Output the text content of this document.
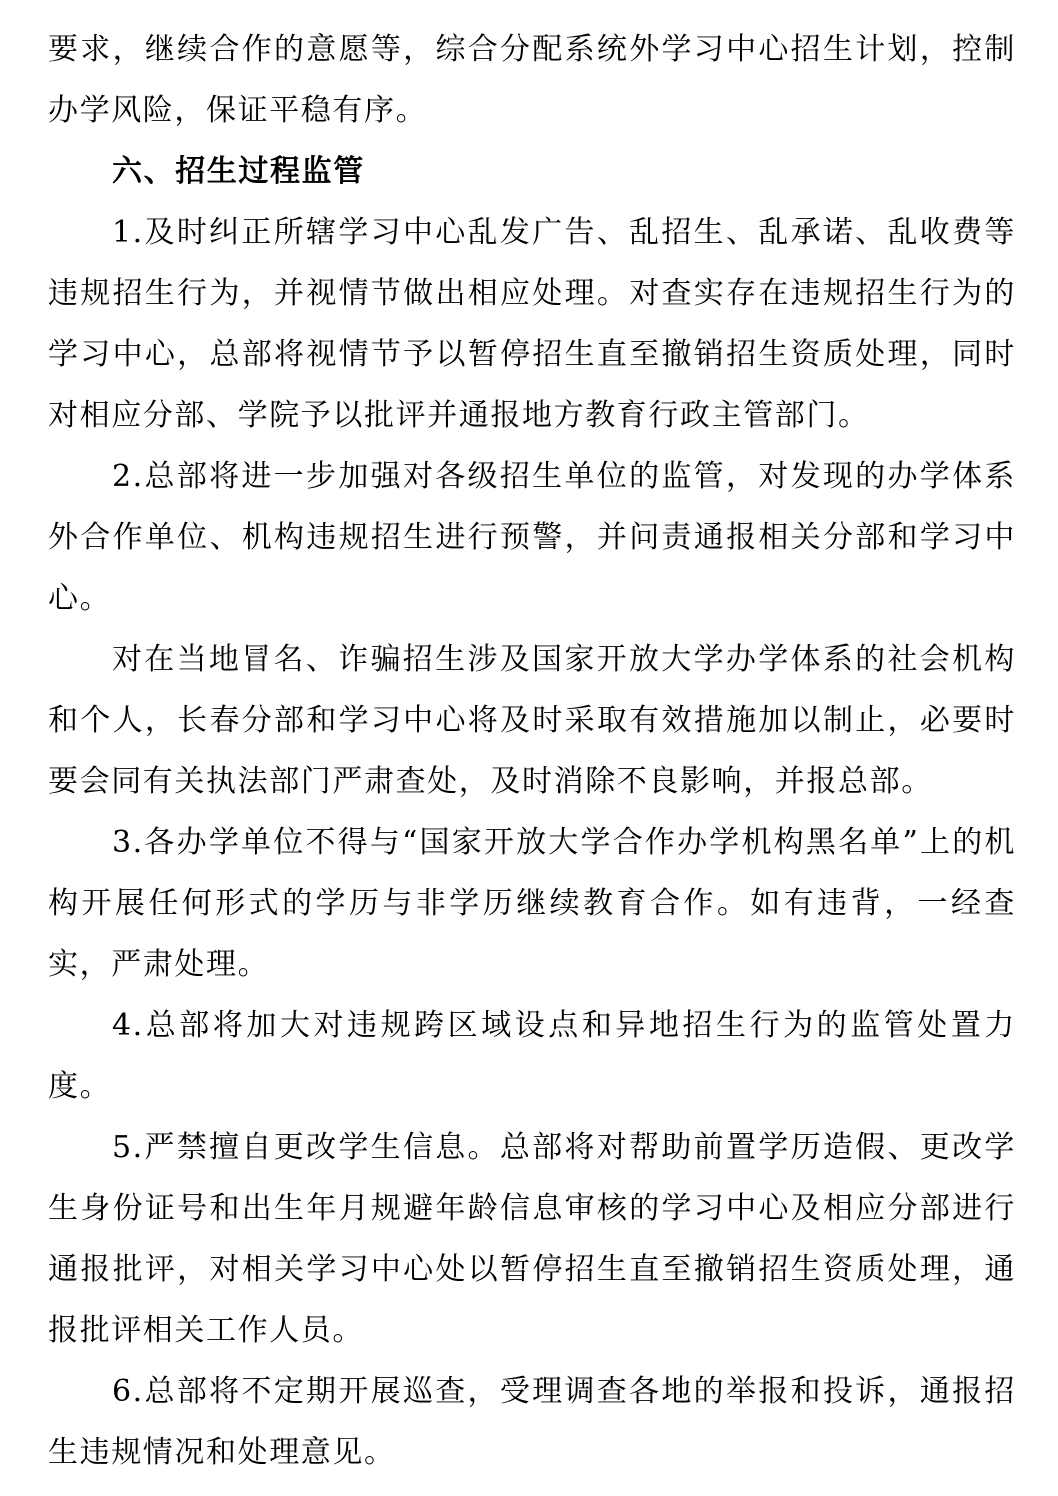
要求，继续合作的意愿等，综合分配系统外学习中心招生计划，控制办学风险，保证平稳有序。

六、招生过程监管

1.及时纠正所辖学习中心乱发广告、乱招生、乱承诺、乱收费等违规招生行为，并视情节做出相应处理。对查实存在违规招生行为的学习中心，总部将视情节予以暂停招生直至撤销招生资质处理，同时对相应分部、学院予以批评并通报地方教育行政主管部门。

2.总部将进一步加强对各级招生单位的监管，对发现的办学体系外合作单位、机构违规招生进行预警，并问责通报相关分部和学习中心。

对在当地冒名、诈骗招生涉及国家开放大学办学体系的社会机构和个人，长春分部和学习中心将及时采取有效措施加以制止，必要时要会同有关执法部门严肃查处，及时消除不良影响，并报总部。

3.各办学单位不得与“国家开放大学合作办学机构黑名单”上的机构开展任何形式的学历与非学历继续教育合作。如有违背，一经查实，严肃处理。

4.总部将加大对违规跨区域设点和异地招生行为的监管处置力度。

5.严禁擅自更改学生信息。总部将对帮助前置学历造假、更改学生身份证号和出生年月规避年龄信息审核的学习中心及相应分部进行通报批评，对相关学习中心处以暂停招生直至撤销招生资质处理，通报批评相关工作人员。

6.总部将不定期开展巡查，受理调查各地的举报和投诉，通报招生违规情况和处理意见。
